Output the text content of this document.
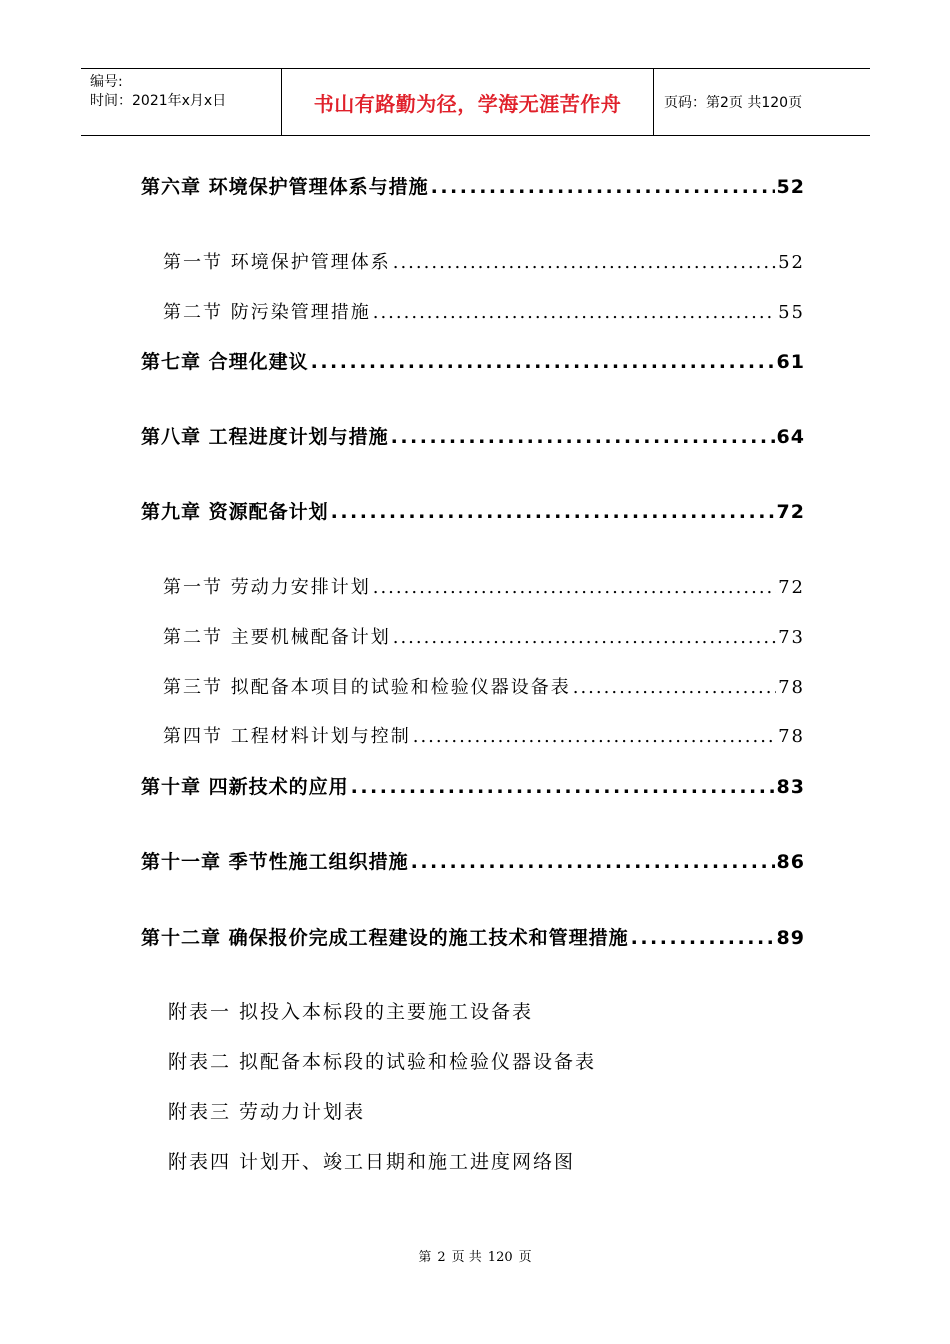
编号:
时间：2021年x月x日	书山有路勤为径，学海无涯苦作舟	页码：第2页 共120页
第六章 环境保护管理体系与措施 .....	52
第一节 环境保护管理体系 .....	52
第二节 防污染管理措施 .....	55
第七章 合理化建议 .....	61
第八章 工程进度计划与措施 .....	64
第九章 资源配备计划 .....	72
第一节 劳动力安排计划 .....	72
第二节 主要机械配备计划 .....	73
第三节 拟配备本项目的试验和检验仪器设备表 .....	78
第四节 工程材料计划与控制 .....	78
第十章 四新技术的应用 .....	83
第十一章 季节性施工组织措施 .....	86
第十二章 确保报价完成工程建设的施工技术和管理措施 .....	89
附表一 拟投入本标段的主要施工设备表
附表二 拟配备本标段的试验和检验仪器设备表
附表三 劳动力计划表
附表四 计划开、竣工日期和施工进度网络图
第 2 页 共 120 页
